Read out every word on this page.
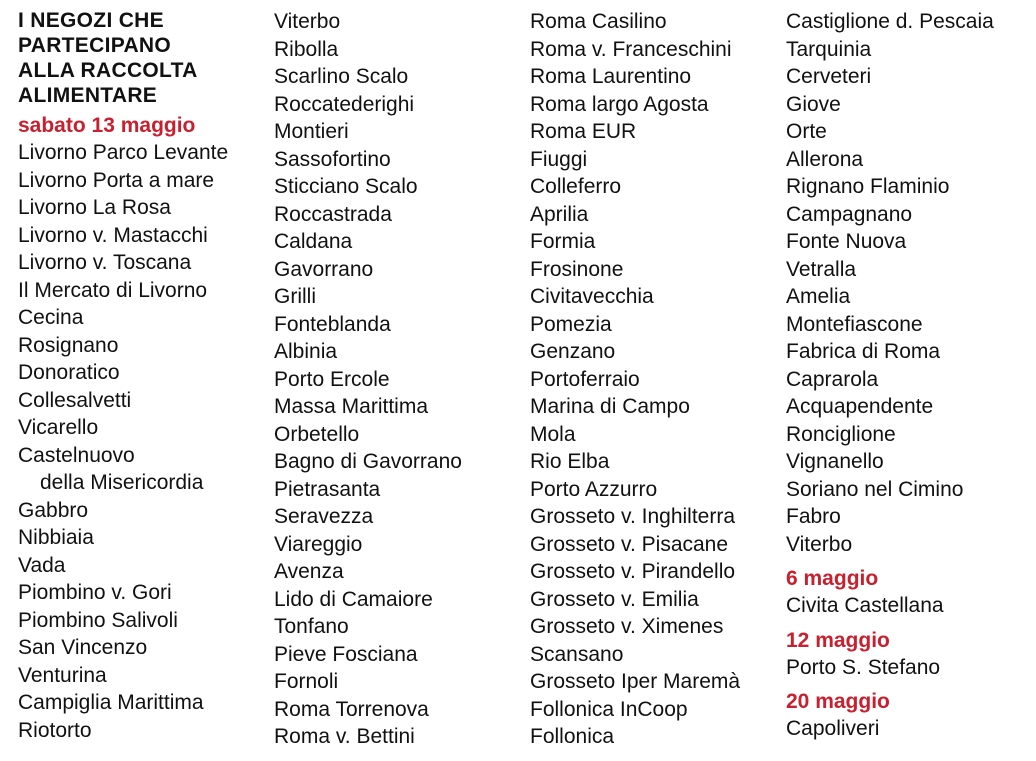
I NEGOZI CHE
PARTECIPANO
ALLA RACCOLTA
ALIMENTARE
sabato 13 maggio
Livorno Parco Levante
Livorno Porta a mare
Livorno La Rosa
Livorno v. Mastacchi
Livorno v. Toscana
Il Mercato di Livorno
Cecina
Rosignano
Donoratico
Collesalvetti
Vicarello
Castelnuovo
della Misericordia
Gabbro
Nibbiaia
Vada
Piombino v. Gori
Piombino Salivoli
San Vincenzo
Venturina
Campiglia Marittima
Riotorto
Viterbo
Ribolla
Scarlino Scalo
Roccatederighi
Montieri
Sassofortino
Sticciano Scalo
Roccastrada
Caldana
Gavorrano
Grilli
Fonteblanda
Albinia
Porto Ercole
Massa Marittima
Orbetello
Bagno di Gavorrano
Pietrasanta
Seravezza
Viareggio
Avenza
Lido di Camaiore
Tonfano
Pieve Fosciana
Fornoli
Roma Torrenova
Roma v. Bettini
Roma Casilino
Roma v. Franceschini
Roma Laurentino
Roma largo Agosta
Roma EUR
Fiuggi
Colleferro
Aprilia
Formia
Frosinone
Civitavecchia
Pomezia
Genzano
Portoferraio
Marina di Campo
Mola
Rio Elba
Porto Azzurro
Grosseto v. Inghilterra
Grosseto v. Pisacane
Grosseto v. Pirandello
Grosseto v. Emilia
Grosseto v. Ximenes
Scansano
Grosseto Iper Maremà
Follonica InCoop
Follonica
Castiglione d. Pescaia
Tarquinia
Cerveteri
Giove
Orte
Allerona
Rignano Flaminio
Campagnano
Fonte Nuova
Vetralla
Amelia
Montefiascone
Fabrica di Roma
Caprarola
Acquapendente
Ronciglione
Vignanello
Soriano nel Cimino
Fabro
Viterbo
6 maggio
Civita Castellana
12 maggio
Porto S. Stefano
20 maggio
Capoliveri
